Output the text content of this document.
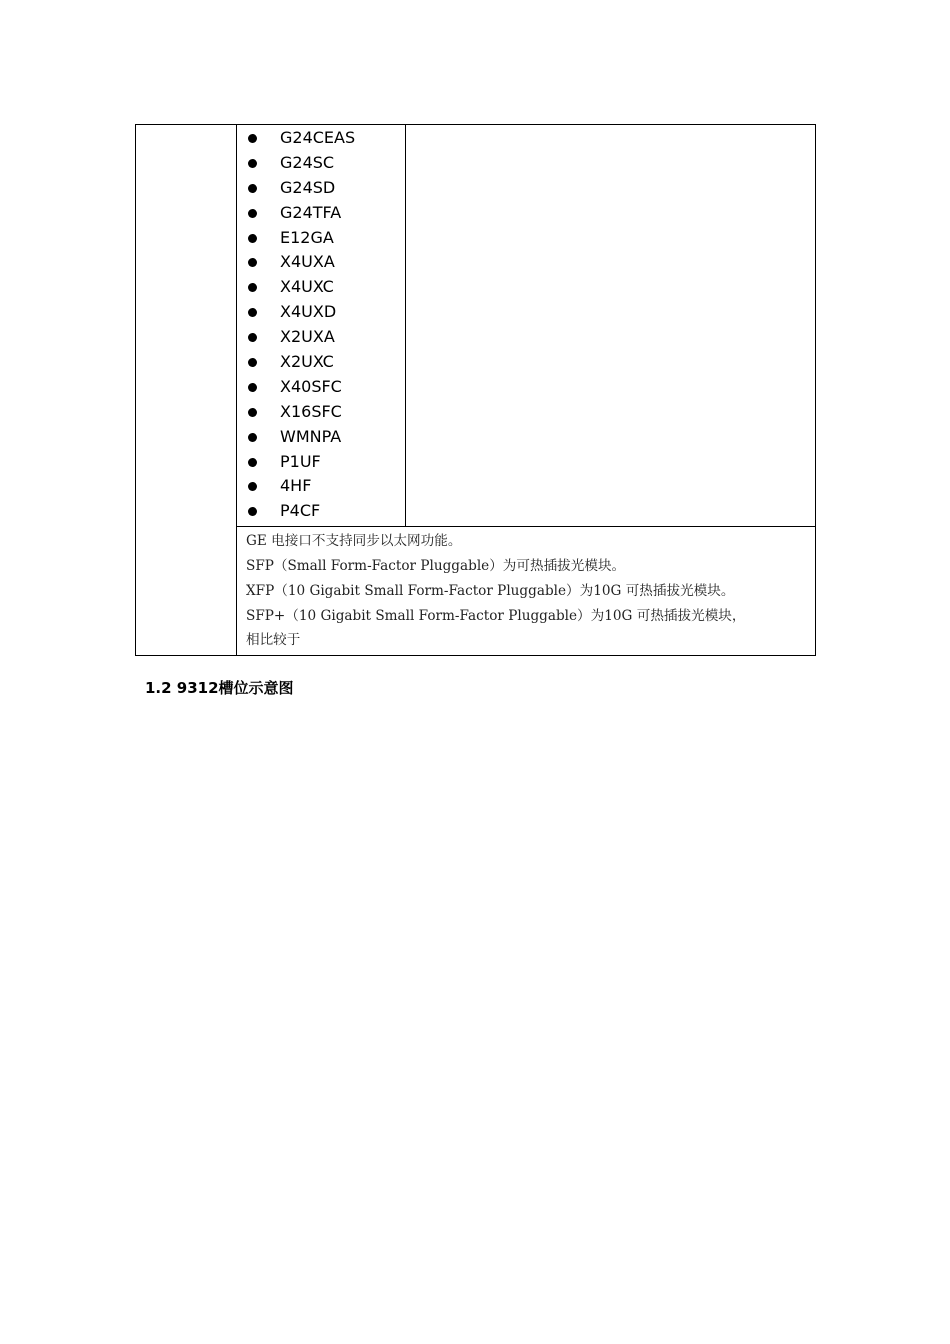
G24CEAS
G24SC
G24SD
G24TFA
E12GA
X4UXA
X4UXC
X4UXD
X2UXA
X2UXC
X40SFC
X16SFC
WMNPA
P1UF
4HF
P4CF

GE 电接口不支持同步以太网功能。
SFP（Small Form-Factor Pluggable）为可热插拔光模块。
XFP（10 Gigabit Small Form-Factor Pluggable）为10G 可热插拔光模块。
SFP+（10 Gigabit Small Form-Factor Pluggable）为10G 可热插拔光模块，
相比较于
1.2 9312槽位示意图
